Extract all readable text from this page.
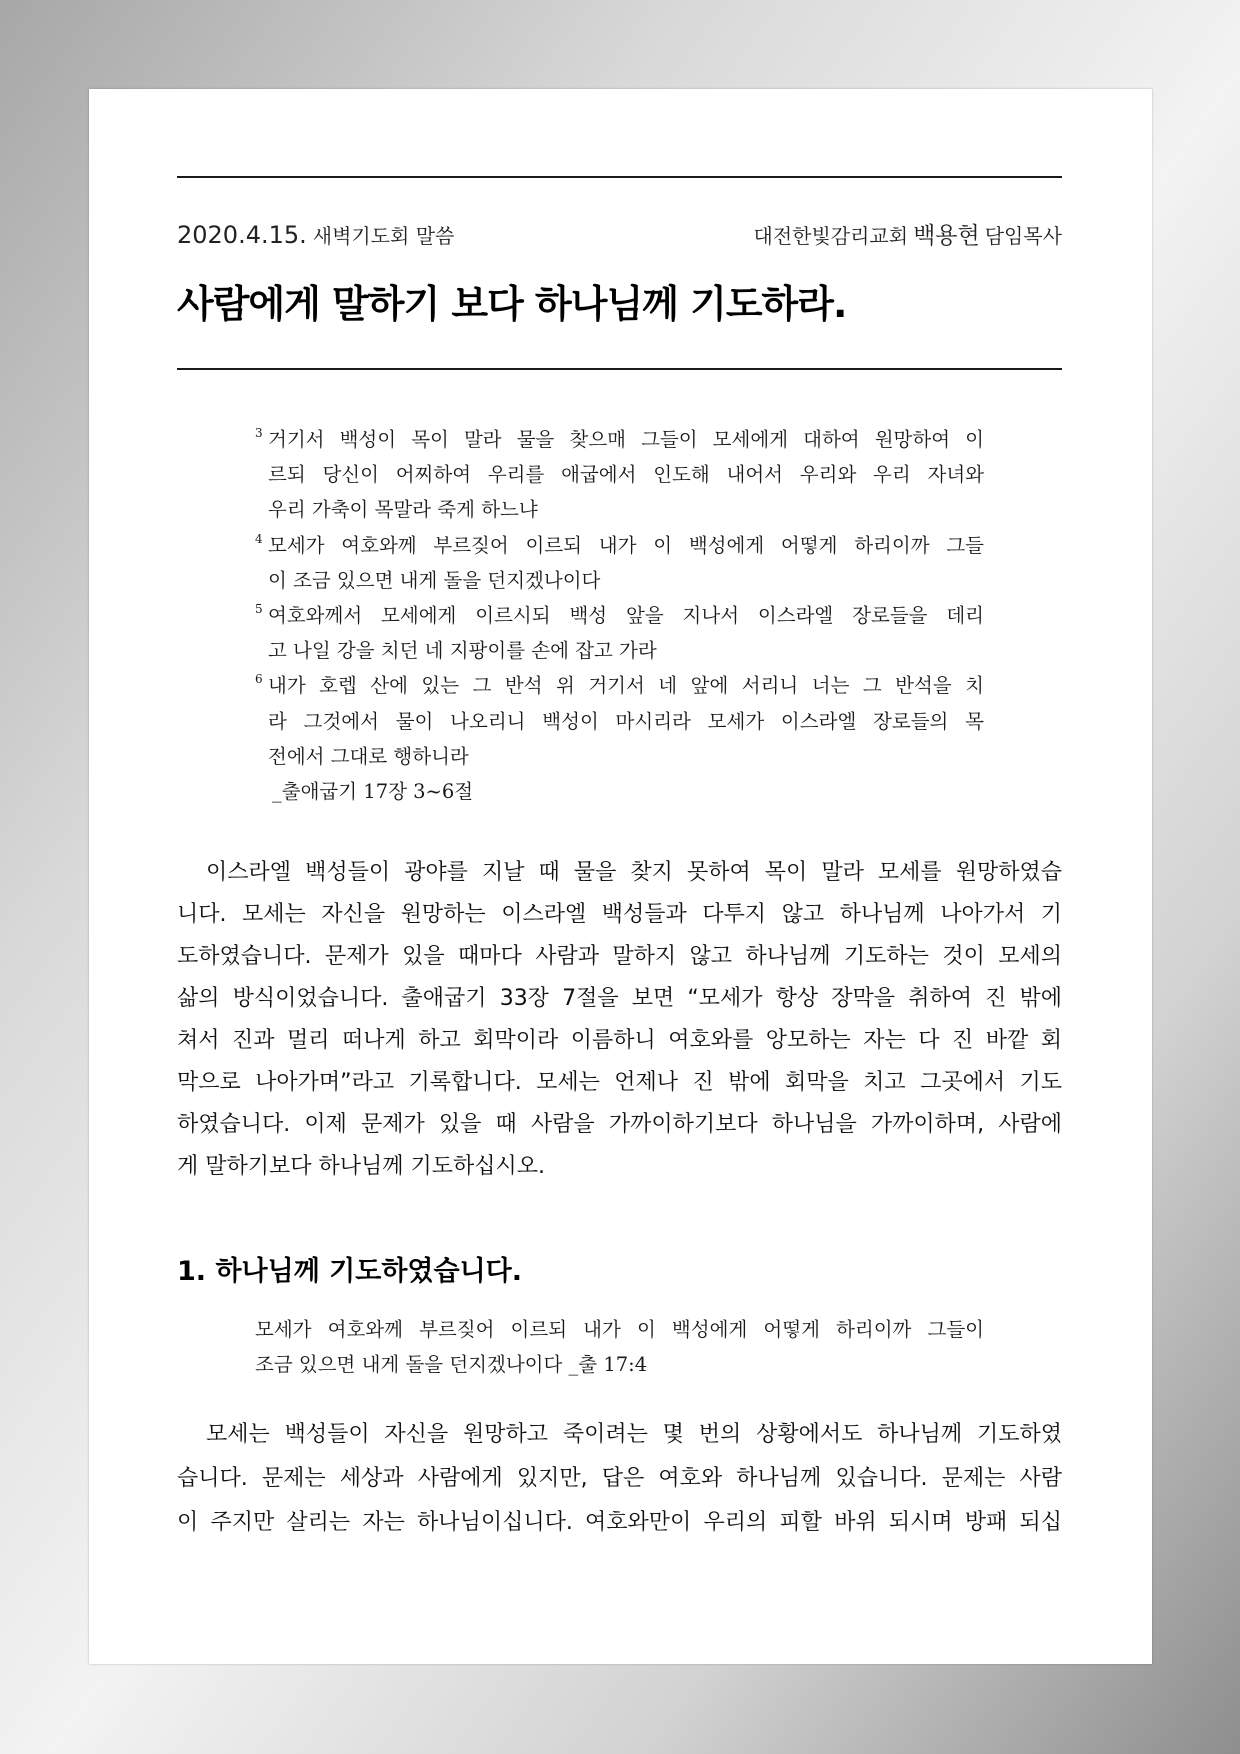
2020.4.15. 새벽기도회 말씀	대전한빛감리교회 백용현 담임목사
사람에게 말하기 보다 하나님께 기도하라.
3 거기서 백성이 목이 말라 물을 찾으매 그들이 모세에게 대하여 원망하여 이
르되 당신이 어찌하여 우리를 애굽에서 인도해 내어서 우리와 우리 자녀와
우리 가축이 목말라 죽게 하느냐
4 모세가 여호와께 부르짖어 이르되 내가 이 백성에게 어떻게 하리이까 그들
이 조금 있으면 내게 돌을 던지겠나이다
5 여호와께서 모세에게 이르시되 백성 앞을 지나서 이스라엘 장로들을 데리
고 나일 강을 치던 네 지팡이를 손에 잡고 가라
6 내가 호렙 산에 있는 그 반석 위 거기서 네 앞에 서리니 너는 그 반석을 치
라 그것에서 물이 나오리니 백성이 마시리라 모세가 이스라엘 장로들의 목
전에서 그대로 행하니라
_출애굽기 17장 3~6절
이스라엘 백성들이 광야를 지날 때 물을 찾지 못하여 목이 말라 모세를 원망하였습
니다. 모세는 자신을 원망하는 이스라엘 백성들과 다투지 않고 하나님께 나아가서 기
도하였습니다. 문제가 있을 때마다 사람과 말하지 않고 하나님께 기도하는 것이 모세의
삶의 방식이었습니다. 출애굽기 33장 7절을 보면 “모세가 항상 장막을 취하여 진 밖에
쳐서 진과 멀리 떠나게 하고 회막이라 이름하니 여호와를 앙모하는 자는 다 진 바깥 회
막으로 나아가며”라고 기록합니다. 모세는 언제나 진 밖에 회막을 치고 그곳에서 기도
하였습니다. 이제 문제가 있을 때 사람을 가까이하기보다 하나님을 가까이하며, 사람에
게 말하기보다 하나님께 기도하십시오.
1. 하나님께 기도하였습니다.
모세가 여호와께 부르짖어 이르되 내가 이 백성에게 어떻게 하리이까 그들이
조금 있으면 내게 돌을 던지겠나이다 _출 17:4
모세는 백성들이 자신을 원망하고 죽이려는 몇 번의 상황에서도 하나님께 기도하였
습니다. 문제는 세상과 사람에게 있지만, 답은 여호와 하나님께 있습니다. 문제는 사람
이 주지만 살리는 자는 하나님이십니다. 여호와만이 우리의 피할 바위 되시며 방패 되십
